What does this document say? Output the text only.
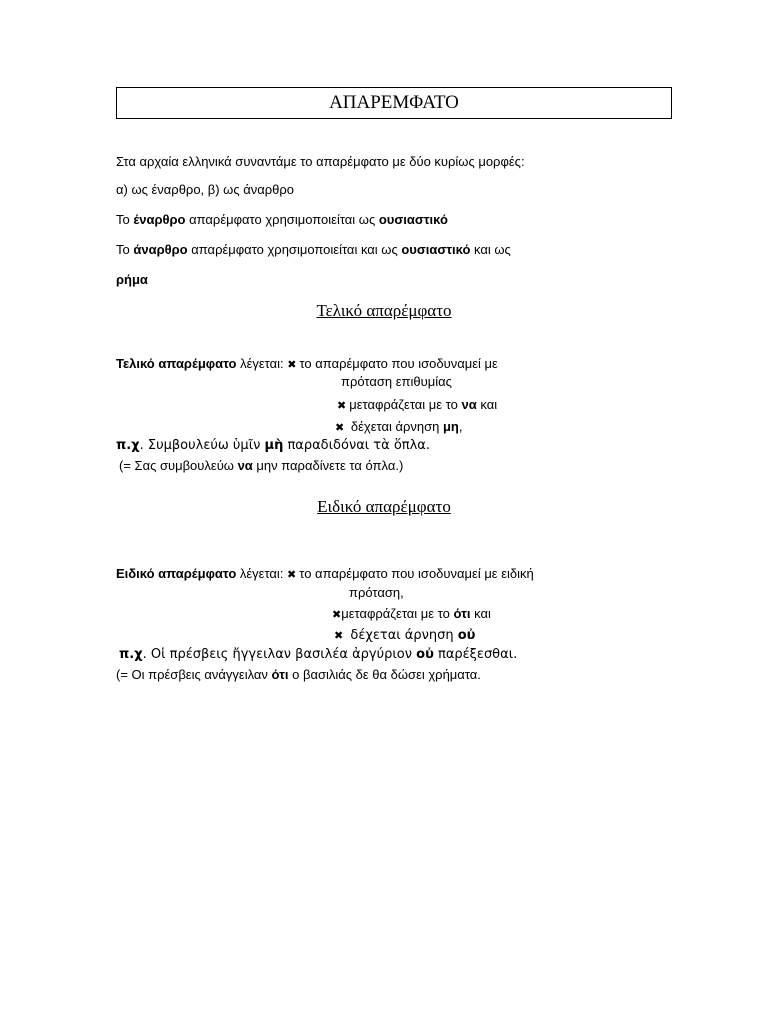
ΑΠΑΡΕΜΦΑΤΟ
Στα αρχαία ελληνικά συναντάμε το απαρέμφατο με δύο κυρίως μορφές:
α) ως έναρθρο, β) ως άναρθρο
Το έναρθρο απαρέμφατο χρησιμοποιείται ως ουσιαστικό
Το άναρθρο απαρέμφατο χρησιμοποιείται και ως ουσιαστικό και ως
ρήμα
Τελικό απαρέμφατο
Τελικό απαρέμφατο λέγεται: ✖ το απαρέμφατο που ισοδυναμεί με
πρόταση επιθυμίας
✖ μεταφράζεται με το να και
✖ δέχεται άρνηση μη,
π.χ. Συμβουλεύω ὑμῖν μὴ παραδιδόναι τὰ ὅπλα.
(= Σας συμβουλεύω να μην παραδίνετε τα όπλα.)
Ειδικό απαρέμφατο
Ειδικό απαρέμφατο λέγεται: ✖ το απαρέμφατο που ισοδυναμεί με ειδική
πρόταση,
✖μεταφράζεται με το ότι και
✖ δέχεται άρνηση οὐ
π.χ. Οἱ πρέσβεις ἤγγειλαν βασιλέα ἀργύριον οὐ παρέξεσθαι.
(= Οι πρέσβεις ανάγγειλαν ότι ο βασιλιάς δε θα δώσει χρήματα.
